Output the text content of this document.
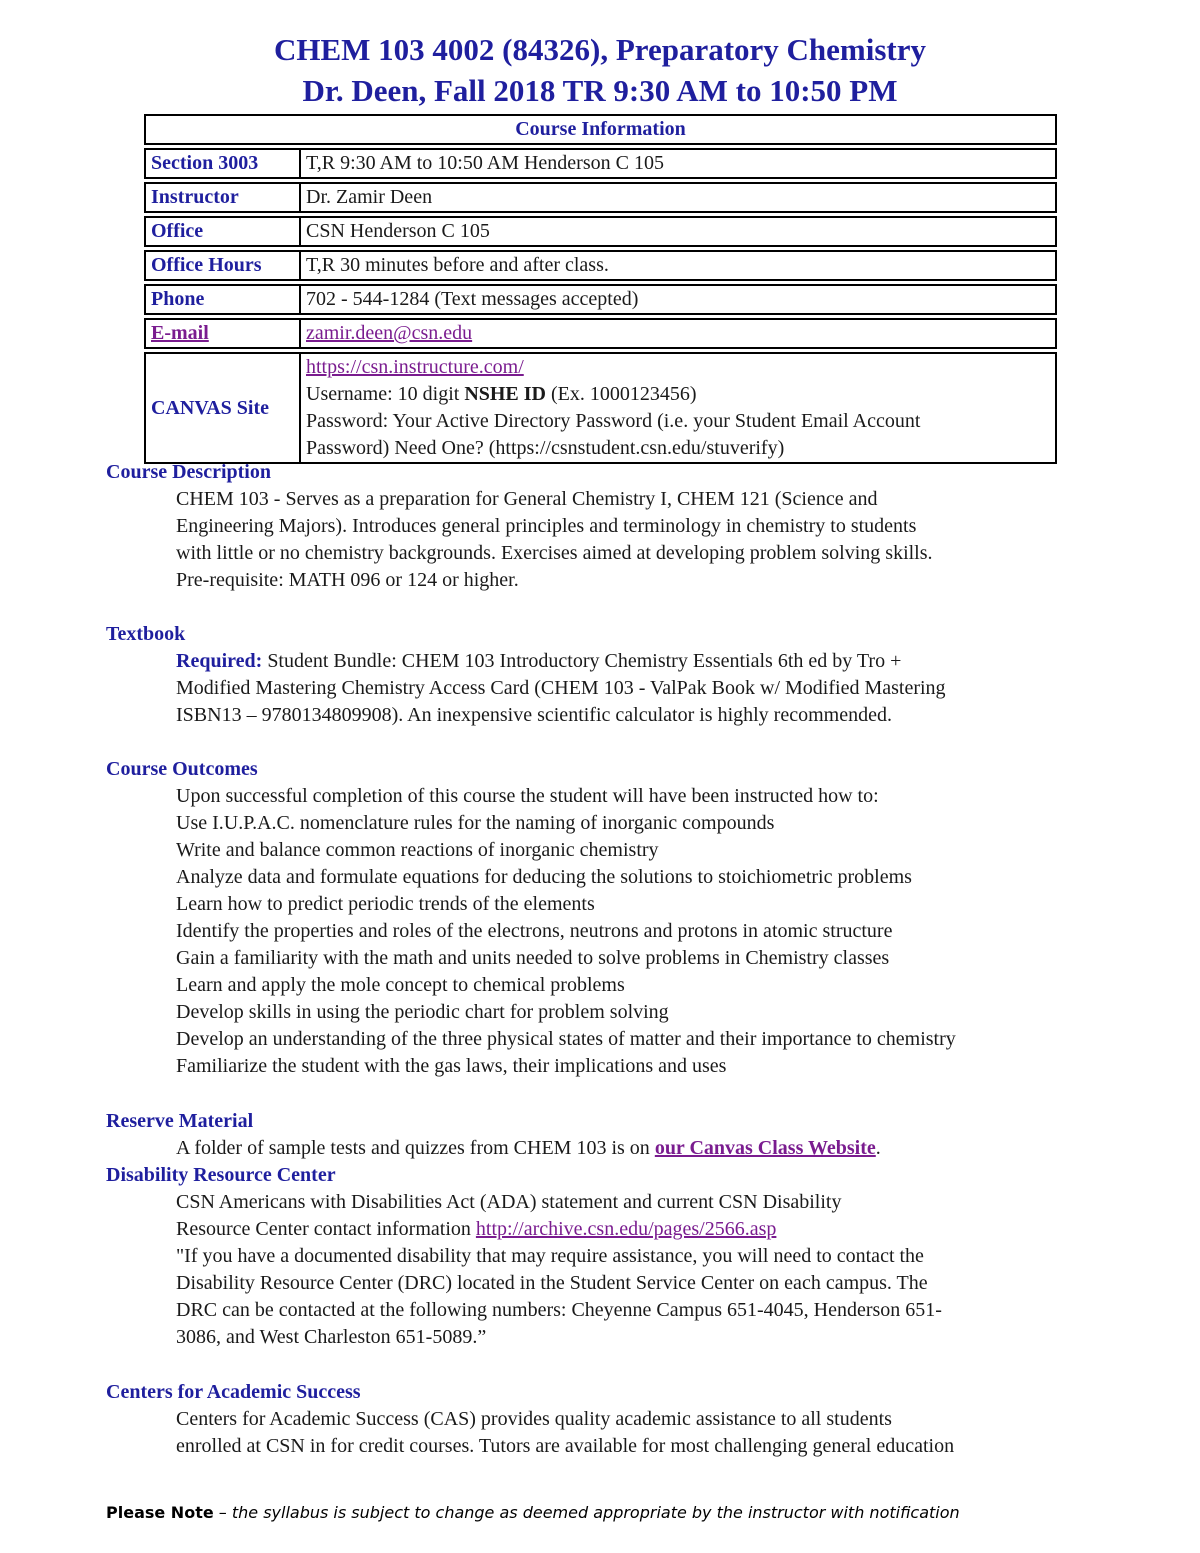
CHEM 103 4002 (84326), Preparatory Chemistry
Dr. Deen, Fall 2018 TR 9:30 AM to 10:50 PM
Course Information	
Section 3003	T,R 9:30 AM to 10:50 AM Henderson C 105
Instructor	Dr. Zamir Deen
Office	CSN Henderson C 105
Office Hours	T,R 30 minutes before and after class.
Phone	702 - 544-1284 (Text messages accepted)
E-mail	zamir.deen@csn.edu
CANVAS Site	https://csn.instructure.com/
Username: 10 digit NSHE ID (Ex. 1000123456)
Password: Your Active Directory Password (i.e. your Student Email Account
Password) Need One? (https://csnstudent.csn.edu/stuverify)
Course Description

CHEM 103 - Serves as a preparation for General Chemistry I, CHEM 121 (Science and

Engineering Majors). Introduces general principles and terminology in chemistry to students

with little or no chemistry backgrounds. Exercises aimed at developing problem solving skills.

Pre-requisite: MATH 096 or 124 or higher.

Textbook

Required: Student Bundle: CHEM 103 Introductory Chemistry Essentials 6th ed by Tro +

Modified Mastering Chemistry Access Card (CHEM 103 - ValPak Book w/ Modified Mastering

ISBN13 – 9780134809908). An inexpensive scientific calculator is highly recommended.

Course Outcomes

Upon successful completion of this course the student will have been instructed how to:

Use I.U.P.A.C. nomenclature rules for the naming of inorganic compounds

Write and balance common reactions of inorganic chemistry

Analyze data and formulate equations for deducing the solutions to stoichiometric problems

Learn how to predict periodic trends of the elements

Identify the properties and roles of the electrons, neutrons and protons in atomic structure

Gain a familiarity with the math and units needed to solve problems in Chemistry classes

Learn and apply the mole concept to chemical problems

Develop skills in using the periodic chart for problem solving

Develop an understanding of the three physical states of matter and their importance to chemistry

Familiarize the student with the gas laws, their implications and uses

Reserve Material

A folder of sample tests and quizzes from CHEM 103 is on our Canvas Class Website.

Disability Resource Center

CSN Americans with Disabilities Act (ADA) statement and current CSN Disability

Resource Center contact information http://archive.csn.edu/pages/2566.asp

"If you have a documented disability that may require assistance, you will need to contact the

Disability Resource Center (DRC) located in the Student Service Center on each campus. The

DRC can be contacted at the following numbers: Cheyenne Campus 651-4045, Henderson 651-

3086, and West Charleston 651-5089.”

Centers for Academic Success

Centers for Academic Success (CAS) provides quality academic assistance to all students

enrolled at CSN in for credit courses. Tutors are available for most challenging general education

Please Note – the syllabus is subject to change as deemed appropriate by the instructor with notification
